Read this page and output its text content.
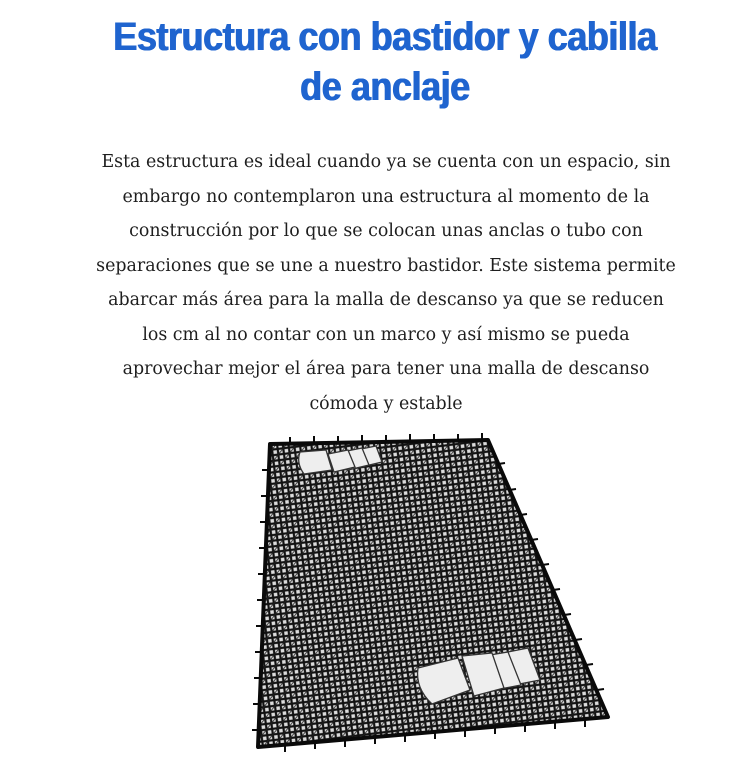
Estructura con bastidor y cabilla de anclaje

Esta estructura es ideal cuando ya se cuenta con un espacio, sin embargo no contemplaron una estructura al momento de la construcción por lo que se colocan unas anclas o tubo con separaciones que se une a nuestro bastidor. Este sistema permite abarcar más área para la malla de descanso ya que se reducen los cm al no contar con un marco y así mismo se pueda aprovechar mejor el área para tener una malla de descanso cómoda y estable
